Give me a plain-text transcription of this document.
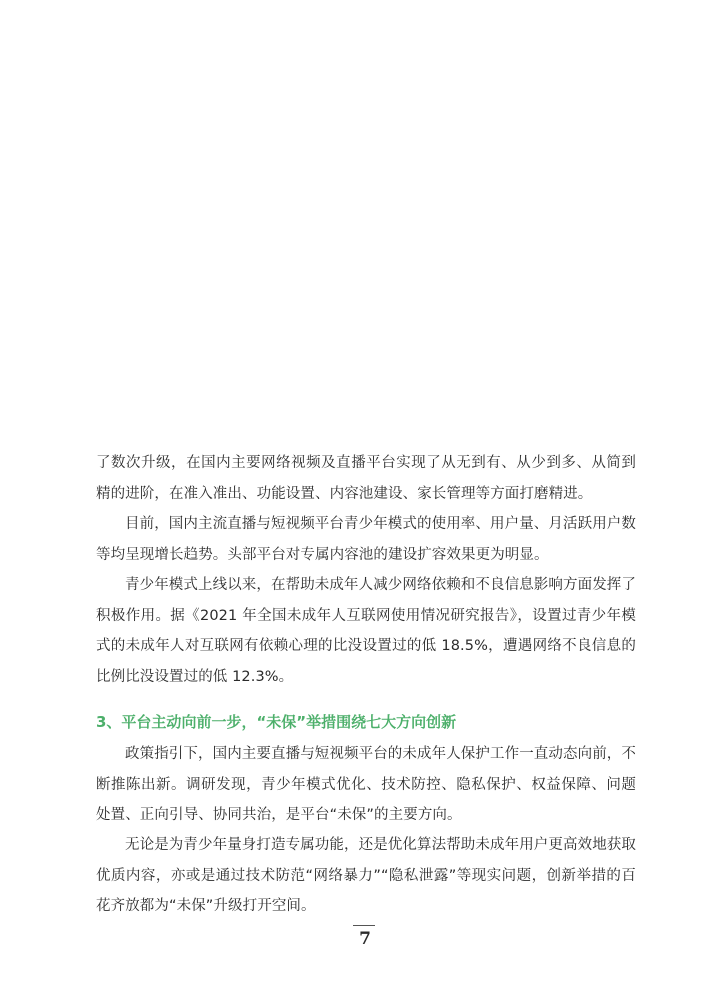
了数次升级，在国内主要网络视频及直播平台实现了从无到有、从少到多、从简到精的进阶，在准入准出、功能设置、内容池建设、家长管理等方面打磨精进。

目前，国内主流直播与短视频平台青少年模式的使用率、用户量、月活跃用户数等均呈现增长趋势。头部平台对专属内容池的建设扩容效果更为明显。

青少年模式上线以来，在帮助未成年人减少网络依赖和不良信息影响方面发挥了积极作用。据《2021 年全国未成年人互联网使用情况研究报告》，设置过青少年模式的未成年人对互联网有依赖心理的比没设置过的低 18.5%，遭遇网络不良信息的比例比没设置过的低 12.3%。

3、平台主动向前一步，“未保”举措围绕七大方向创新

政策指引下，国内主要直播与短视频平台的未成年人保护工作一直动态向前，不断推陈出新。调研发现，青少年模式优化、技术防控、隐私保护、权益保障、问题处置、正向引导、协同共治，是平台“未保”的主要方向。

无论是为青少年量身打造专属功能，还是优化算法帮助未成年用户更高效地获取优质内容，亦或是通过技术防范“网络暴力”“隐私泄露”等现实问题，创新举措的百花齐放都为“未保”升级打开空间。

7
